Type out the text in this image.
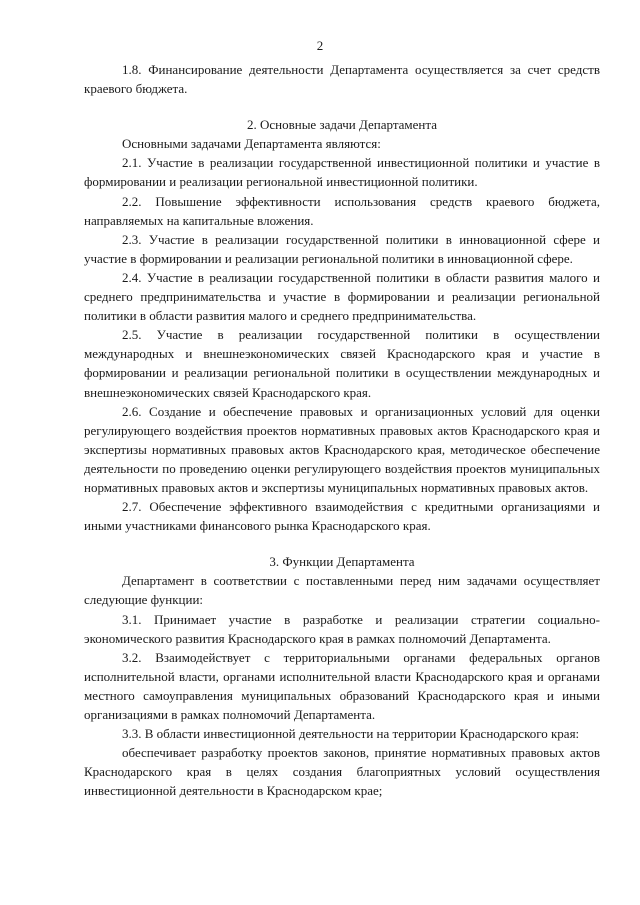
2

1.8. Финансирование деятельности Департамента осуществляется за счет средств краевого бюджета.

2. Основные задачи Департамента

Основными задачами Департамента являются:

2.1. Участие в реализации государственной инвестиционной политики и участие в формировании и реализации региональной инвестиционной политики.

2.2. Повышение эффективности использования средств краевого бюджета, направляемых на капитальные вложения.

2.3. Участие в реализации государственной политики в инновационной сфере и участие в формировании и реализации региональной политики в инновационной сфере.

2.4. Участие в реализации государственной политики в области развития малого и среднего предпринимательства и участие в формировании и реализации региональной политики в области развития малого и среднего предпринимательства.

2.5. Участие в реализации государственной политики в осуществлении международных и внешнеэкономических связей Краснодарского края и участие в формировании и реализации региональной политики в осуществлении международных и внешнеэкономических связей Краснодарского края.

2.6. Создание и обеспечение правовых и организационных условий для оценки регулирующего воздействия проектов нормативных правовых актов Краснодарского края и экспертизы нормативных правовых актов Краснодарского края, методическое обеспечение деятельности по проведению оценки регулирующего воздействия проектов муниципальных нормативных правовых актов и экспертизы муниципальных нормативных правовых актов.

2.7. Обеспечение эффективного взаимодействия с кредитными организациями и иными участниками финансового рынка Краснодарского края.

3. Функции Департамента

Департамент в соответствии с поставленными перед ним задачами осуществляет следующие функции:

3.1. Принимает участие в разработке и реализации стратегии социально-экономического развития Краснодарского края в рамках полномочий Департамента.

3.2. Взаимодействует с территориальными органами федеральных органов исполнительной власти, органами исполнительной власти Краснодарского края и органами местного самоуправления муниципальных образований Краснодарского края и иными организациями в рамках полномочий Департамента.

3.3. В области инвестиционной деятельности на территории Краснодарского края:

обеспечивает разработку проектов законов, принятие нормативных правовых актов Краснодарского края в целях создания благоприятных условий осуществления инвестиционной деятельности в Краснодарском крае;
